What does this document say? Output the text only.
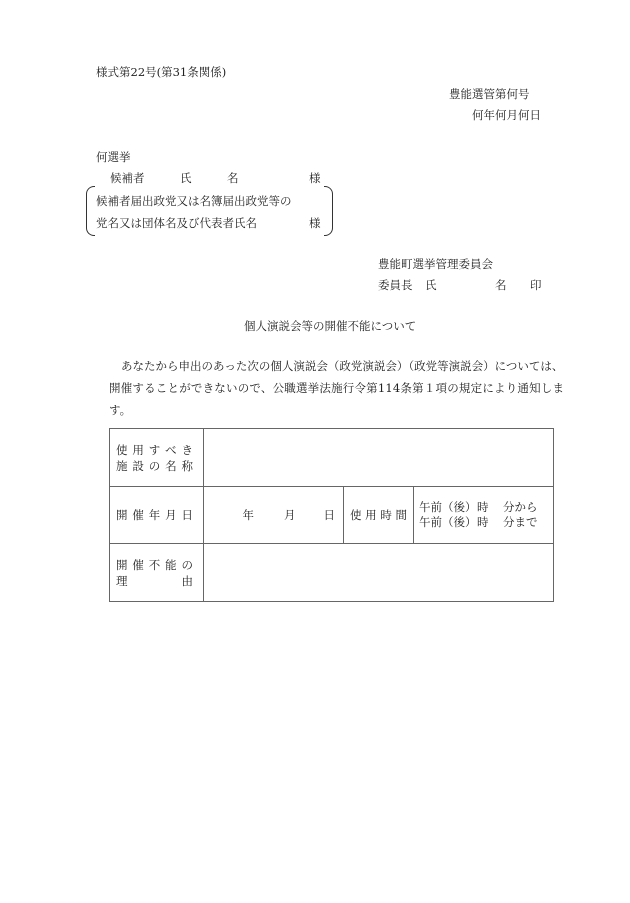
様式第22号(第31条関係)
豊能選管第何号
何年何月何日
何選挙
候補者	氏	名	様
候補者届出政党又は名簿届出政党等の
党名又は団体名及び代表者氏名	様
豊能町選挙管理委員会
委員長 氏	名 印
個人演説会等の開催不能について
あなたから申出のあった次の個人演説会（政党演説会）（政党等演説会）については、
開催することができないので、公職選挙法施行令第114条第１項の規定により通知しま
す。
使 用 す べ き
施 設 の 名 称

開 催 年 月 日	年	月 日	使 用 時 間	
午前（後） 時	分から
午前（後） 時	分まで

開 催 不 能 の
理	由
